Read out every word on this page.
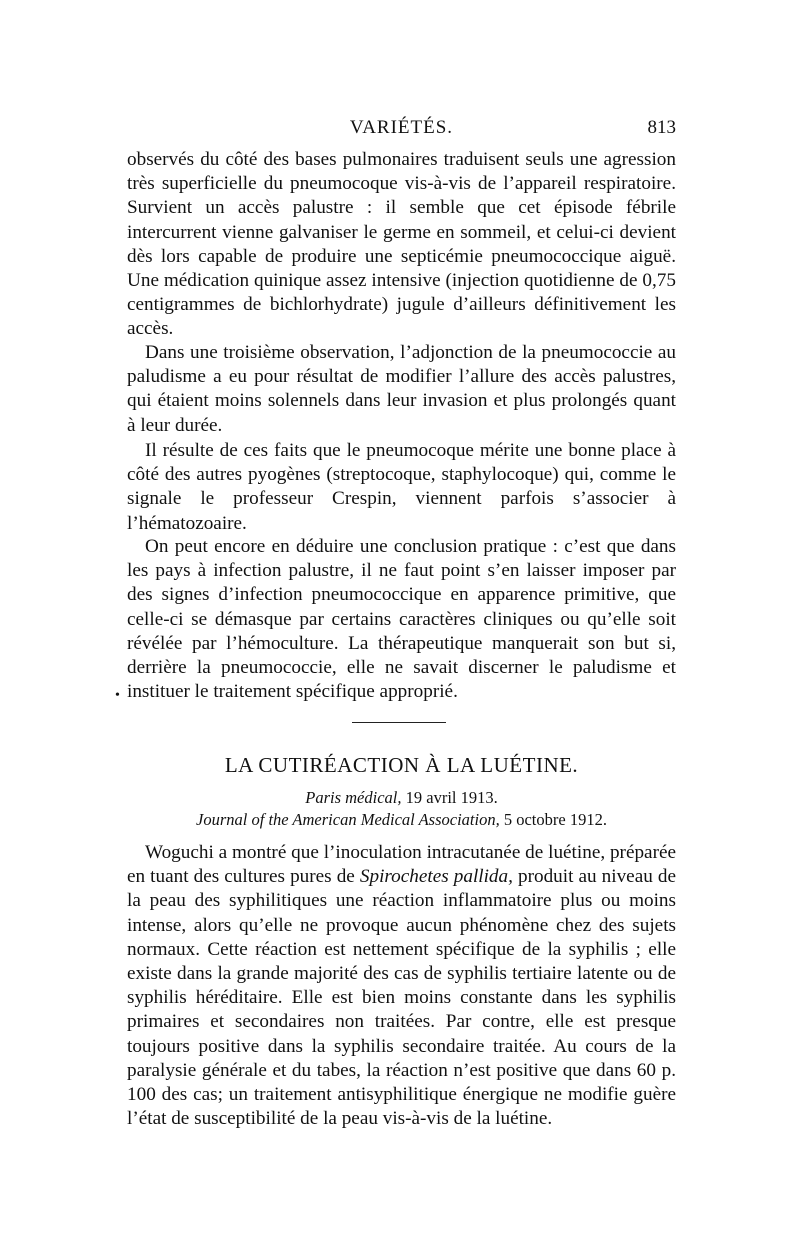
VARIÉTÉS.	813

observés du côté des bases pulmonaires traduisent seuls une agression très superficielle du pneumocoque vis-à-vis de l’appareil respiratoire. Survient un accès palustre : il semble que cet épisode fébrile intercurrent vienne galvaniser le germe en sommeil, et celui-ci devient dès lors capable de produire une septicémie pneumococcique aiguë. Une médication quinique assez intensive (injection quotidienne de 0,75 centigrammes de bichlorhydrate) jugule d’ailleurs définitivement les accès.

Dans une troisième observation, l’adjonction de la pneumococcie au paludisme a eu pour résultat de modifier l’allure des accès palustres, qui étaient moins solennels dans leur invasion et plus prolongés quant à leur durée.

Il résulte de ces faits que le pneumocoque mérite une bonne place à côté des autres pyogènes (streptocoque, staphylocoque) qui, comme le signale le professeur Crespin, viennent parfois s’associer à l’hématozoaire.

On peut encore en déduire une conclusion pratique : c’est que dans les pays à infection palustre, il ne faut point s’en laisser imposer par des signes d’infection pneumococcique en apparence primitive, que celle-ci se démasque par certains caractères cliniques ou qu’elle soit révélée par l’hémoculture. La thérapeutique manquerait son but si, derrière la pneumococcie, elle ne savait discerner le paludisme et instituer le traitement spécifique approprié.

•
LA CUTIRÉACTION À LA LUÉTINE.
Paris médical, 19 avril 1913.
Journal of the American Medical Association, 5 octobre 1912.

Woguchi a montré que l’inoculation intracutanée de luétine, préparée en tuant des cultures pures de Spirochetes pallida, produit au niveau de la peau des syphilitiques une réaction inflammatoire plus ou moins intense, alors qu’elle ne provoque aucun phénomène chez des sujets normaux. Cette réaction est nettement spécifique de la syphilis ; elle existe dans la grande majorité des cas de syphilis tertiaire latente ou de syphilis héréditaire. Elle est bien moins constante dans les syphilis primaires et secondaires non traitées. Par contre, elle est presque toujours positive dans la syphilis secondaire traitée. Au cours de la paralysie générale et du tabes, la réaction n’est positive que dans 60 p. 100 des cas; un traitement antisyphilitique énergique ne modifie guère l’état de susceptibilité de la peau vis-à-vis de la luétine.
